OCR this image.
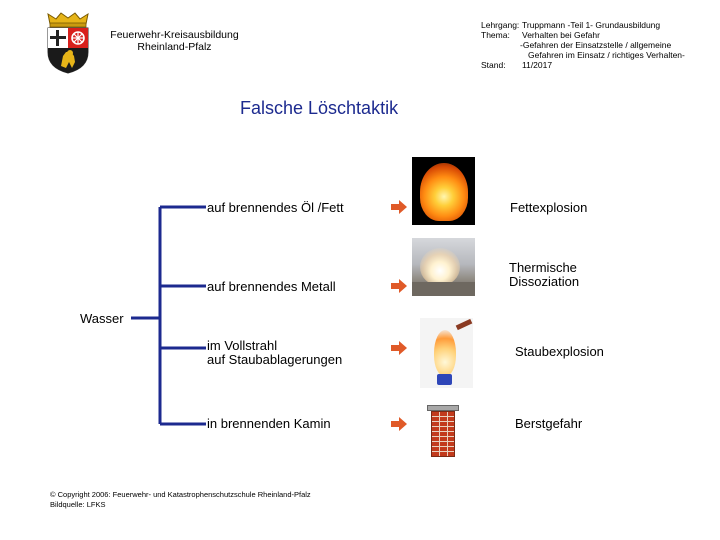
Feuerwehr-Kreisausbildung
Rheinland-Pfalz
Lehrgang: Truppmann -Teil 1- Grundausbildung
Thema: Verhalten bei Gefahr
-Gefahren der Einsatzstelle / allgemeine
Gefahren im Einsatz / richtiges Verhalten-
Stand: 11/2017
Falsche Löschtaktik
Wasser
auf brennendes Öl /Fett
auf brennendes Metall
im Vollstrahl
auf Staubablagerungen
in brennenden Kamin
Fettexplosion
Thermische
Dissoziation
Staubexplosion
Berstgefahr
© Copyright 2006: Feuerwehr- und Katastrophenschutzschule Rheinland-Pfalz
Bildquelle: LFKS
